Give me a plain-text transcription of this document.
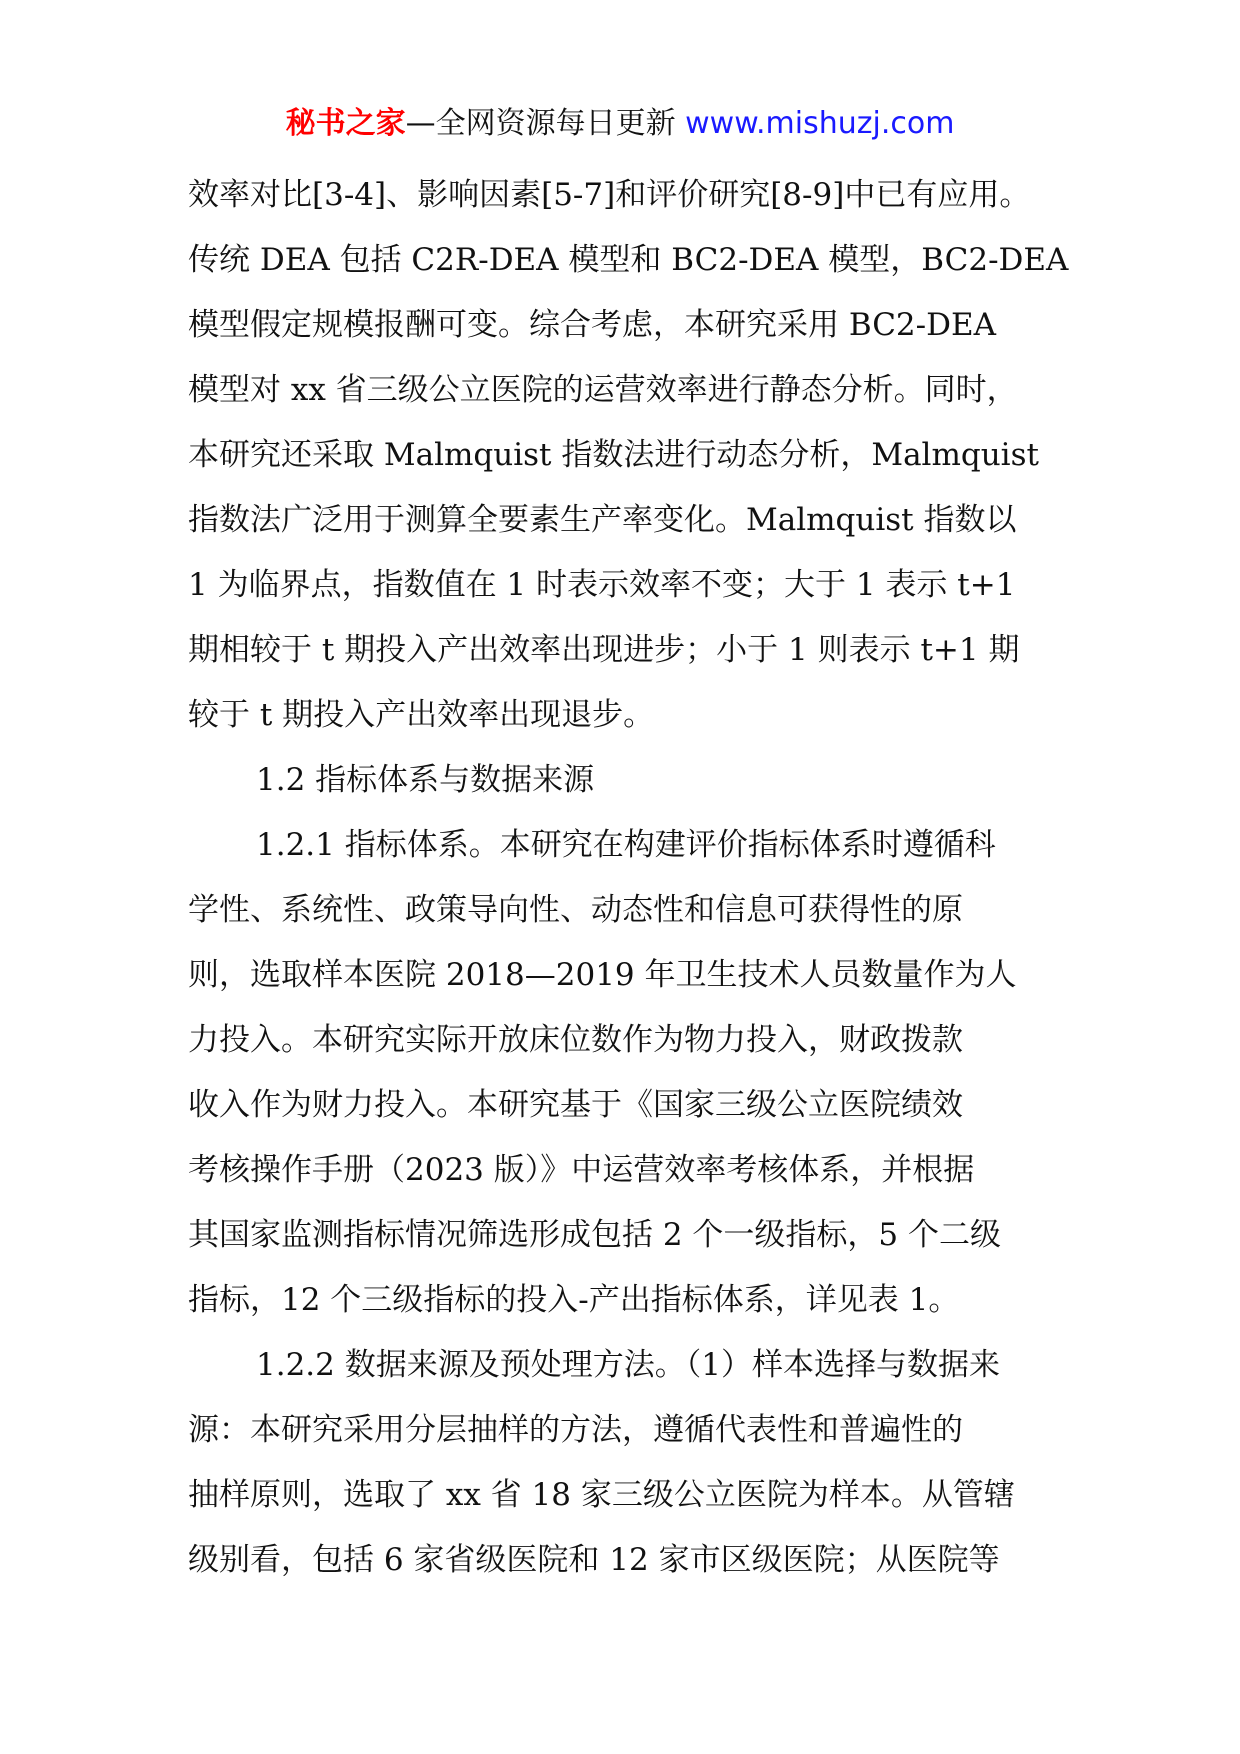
秘书之家—全网资源每日更新 www.mishuzj.com
效率对比[3-4]、影响因素[5-7]和评价研究[8-9]中已有应用。
传统 DEA 包括 C2R-DEA 模型和 BC2-DEA 模型，BC2-DEA
模型假定规模报酬可变。综合考虑，本研究采用 BC2-DEA
模型对 xx 省三级公立医院的运营效率进行静态分析。同时，
本研究还采取 Malmquist 指数法进行动态分析，Malmquist
指数法广泛用于测算全要素生产率变化。Malmquist 指数以
1 为临界点，指数值在 1 时表示效率不变；大于 1 表示 t+1
期相较于 t 期投入产出效率出现进步；小于 1 则表示 t+1 期
较于 t 期投入产出效率出现退步。
1.2 指标体系与数据来源
1.2.1 指标体系。本研究在构建评价指标体系时遵循科
学性、系统性、政策导向性、动态性和信息可获得性的原
则，选取样本医院 2018—2019 年卫生技术人员数量作为人
力投入。本研究实际开放床位数作为物力投入，财政拨款
收入作为财力投入。本研究基于《国家三级公立医院绩效
考核操作手册（2023 版）》中运营效率考核体系，并根据
其国家监测指标情况筛选形成包括 2 个一级指标，5 个二级
指标，12 个三级指标的投入-产出指标体系，详见表 1。
1.2.2 数据来源及预处理方法。（1）样本选择与数据来
源：本研究采用分层抽样的方法，遵循代表性和普遍性的
抽样原则，选取了 xx 省 18 家三级公立医院为样本。从管辖
级别看，包括 6 家省级医院和 12 家市区级医院；从医院等
